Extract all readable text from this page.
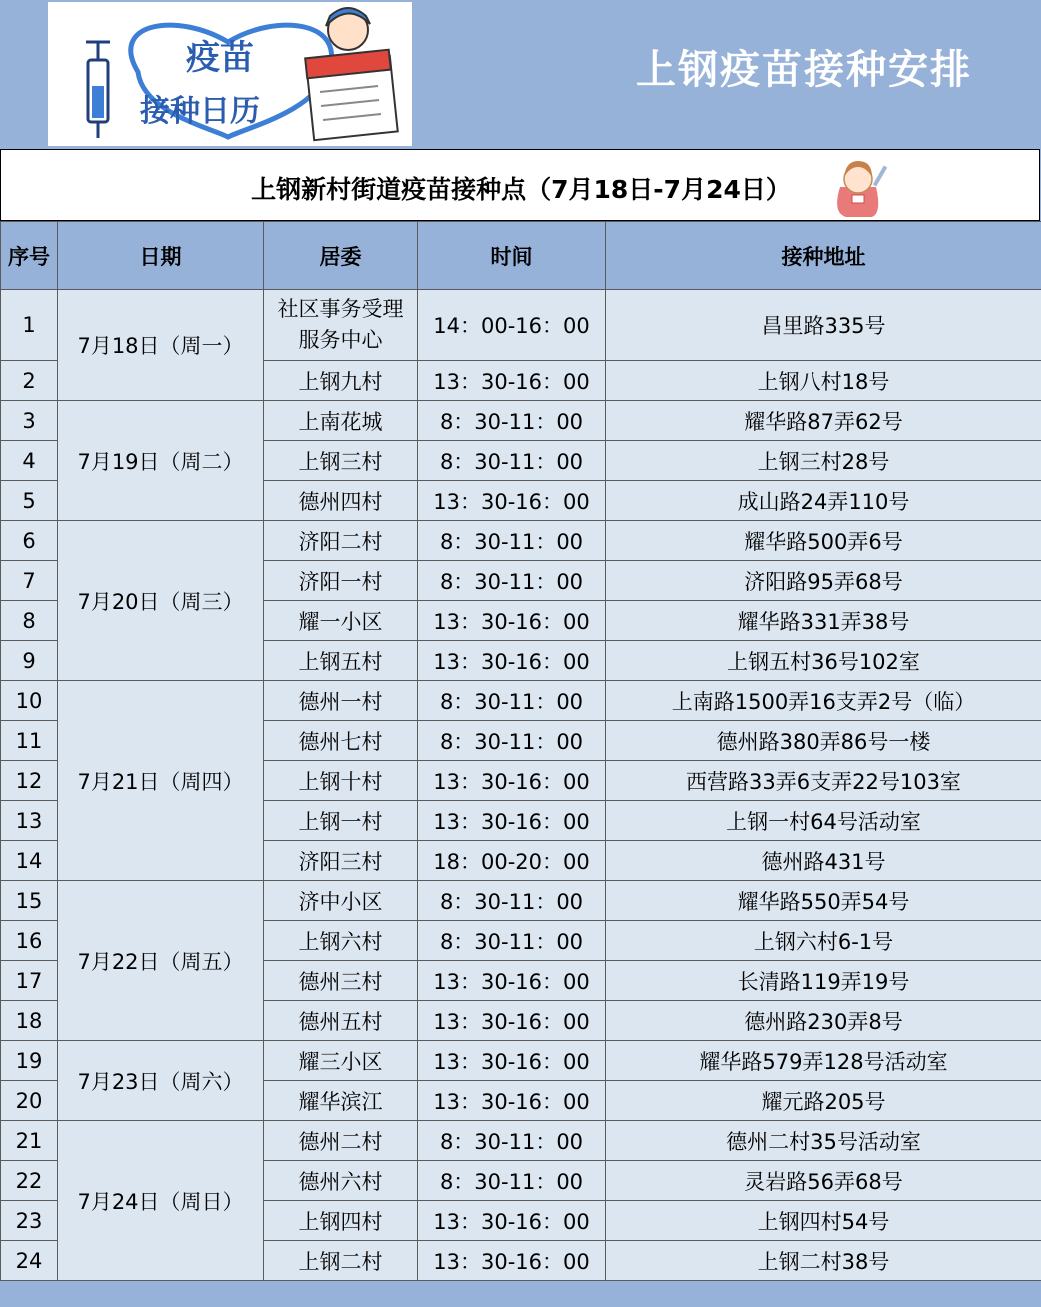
疫苗
接种日历
上钢疫苗接种安排
上钢新村街道疫苗接种点（7月18日-7月24日）
序号	日期	居委	时间	接种地址
1	7月18日（周一）	社区事务受理服务中心	14：00-16：00	昌里路335号
2		上钢九村	13：30-16：00	上钢八村18号
3	7月19日（周二）	上南花城	8：30-11：00	耀华路87弄62号
4		上钢三村	8：30-11：00	上钢三村28号
5		德州四村	13：30-16：00	成山路24弄110号
6	7月20日（周三）	济阳二村	8：30-11：00	耀华路500弄6号
7		济阳一村	8：30-11：00	济阳路95弄68号
8		耀一小区	13：30-16：00	耀华路331弄38号
9		上钢五村	13：30-16：00	上钢五村36号102室
10	7月21日（周四）	德州一村	8：30-11：00	上南路1500弄16支弄2号（临）
11		德州七村	8：30-11：00	德州路380弄86号一楼
12		上钢十村	13：30-16：00	西营路33弄6支弄22号103室
13		上钢一村	13：30-16：00	上钢一村64号活动室
14		济阳三村	18：00-20：00	德州路431号
15	7月22日（周五）	济中小区	8：30-11：00	耀华路550弄54号
16		上钢六村	8：30-11：00	上钢六村6-1号
17		德州三村	13：30-16：00	长清路119弄19号
18		德州五村	13：30-16：00	德州路230弄8号
19	7月23日（周六）	耀三小区	13：30-16：00	耀华路579弄128号活动室
20		耀华滨江	13：30-16：00	耀元路205号
21	7月24日（周日）	德州二村	8：30-11：00	德州二村35号活动室
22		德州六村	8：30-11：00	灵岩路56弄68号
23		上钢四村	13：30-16：00	上钢四村54号
24		上钢二村	13：30-16：00	上钢二村38号
